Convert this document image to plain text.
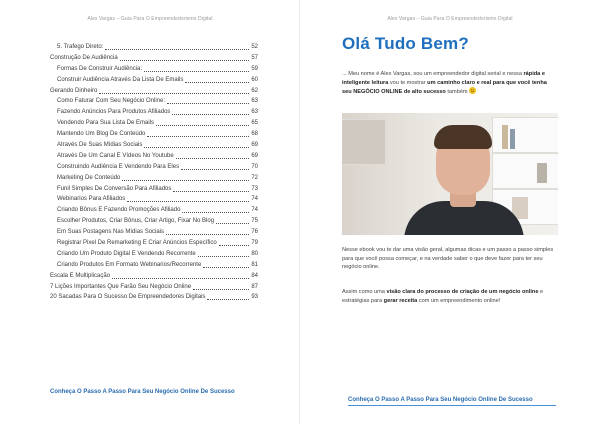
Alex Vargas – Guia Para O Empreendedorismo Digital
5. Trafego Direto:	52
Construção De Audiência	57
Formas De Construir Audiência:	59
Construir Audiência Através Da Lista De Emails	60
Gerando Dinheiro	62
Como Faturar Com Seu Negócio Online:	63
Fazendo Anúncios Para Produtos Afiliados	63
Vendendo Para Sua Lista De Emails	65
Mantendo Um Blog De Conteúdo	68
Através De Suas Mídias Sociais	69
Através De Um Canal E Vídeos No Youtube	69
Construindo Audiência E Vendendo Para Eles	70
Marketing De Conteúdo	72
Funil Simples De Conversão Para Afiliados	73
Webinarios Para Afiliados	74
Criando Bônus E Fazendo Promoções Afiliado	74
Escolher Produtos, Criar Bônus, Criar Artigo, Fixar No Blog	75
Em Suas Postagens Nas Mídias Sociais	76
Registrar Pixel De Remarketing E Criar Anúncios Específico	79
Criando Um Produto Digital E Vendendo Recorrente	80
Criando Produtos Em Formato Webinarios/Recorrente	81
Escala E Multiplicação	84
7 Lições Importantes Que Farão Seu Negócio Online	87
20 Sacadas Para O Sucesso De Empreendedores Digitais	93
Conheça O Passo A Passo Para Seu Negócio Online De Sucesso
Alex Vargas – Guia Para O Empreendedorismo Digital
Olá Tudo Bem?
... Meu nome é Alex Vargas, sou um empreendedor digital serial e nessa rápida e inteligente leitura vou te mostrar um caminho claro e real para que você tenha seu NEGÓCIO ONLINE de alto sucesso também
Nesse ebook vou te dar uma visão geral, algumas dicas e um passo a passo simples para que você possa começar, e na verdade saber o que deve fazer para ter seu negócio online.
Assim como uma visão clara do processo de criação de um negócio online e estratégias para gerar receita com um empreendimento online!
Conheça O Passo A Passo Para Seu Negócio Online De Sucesso
